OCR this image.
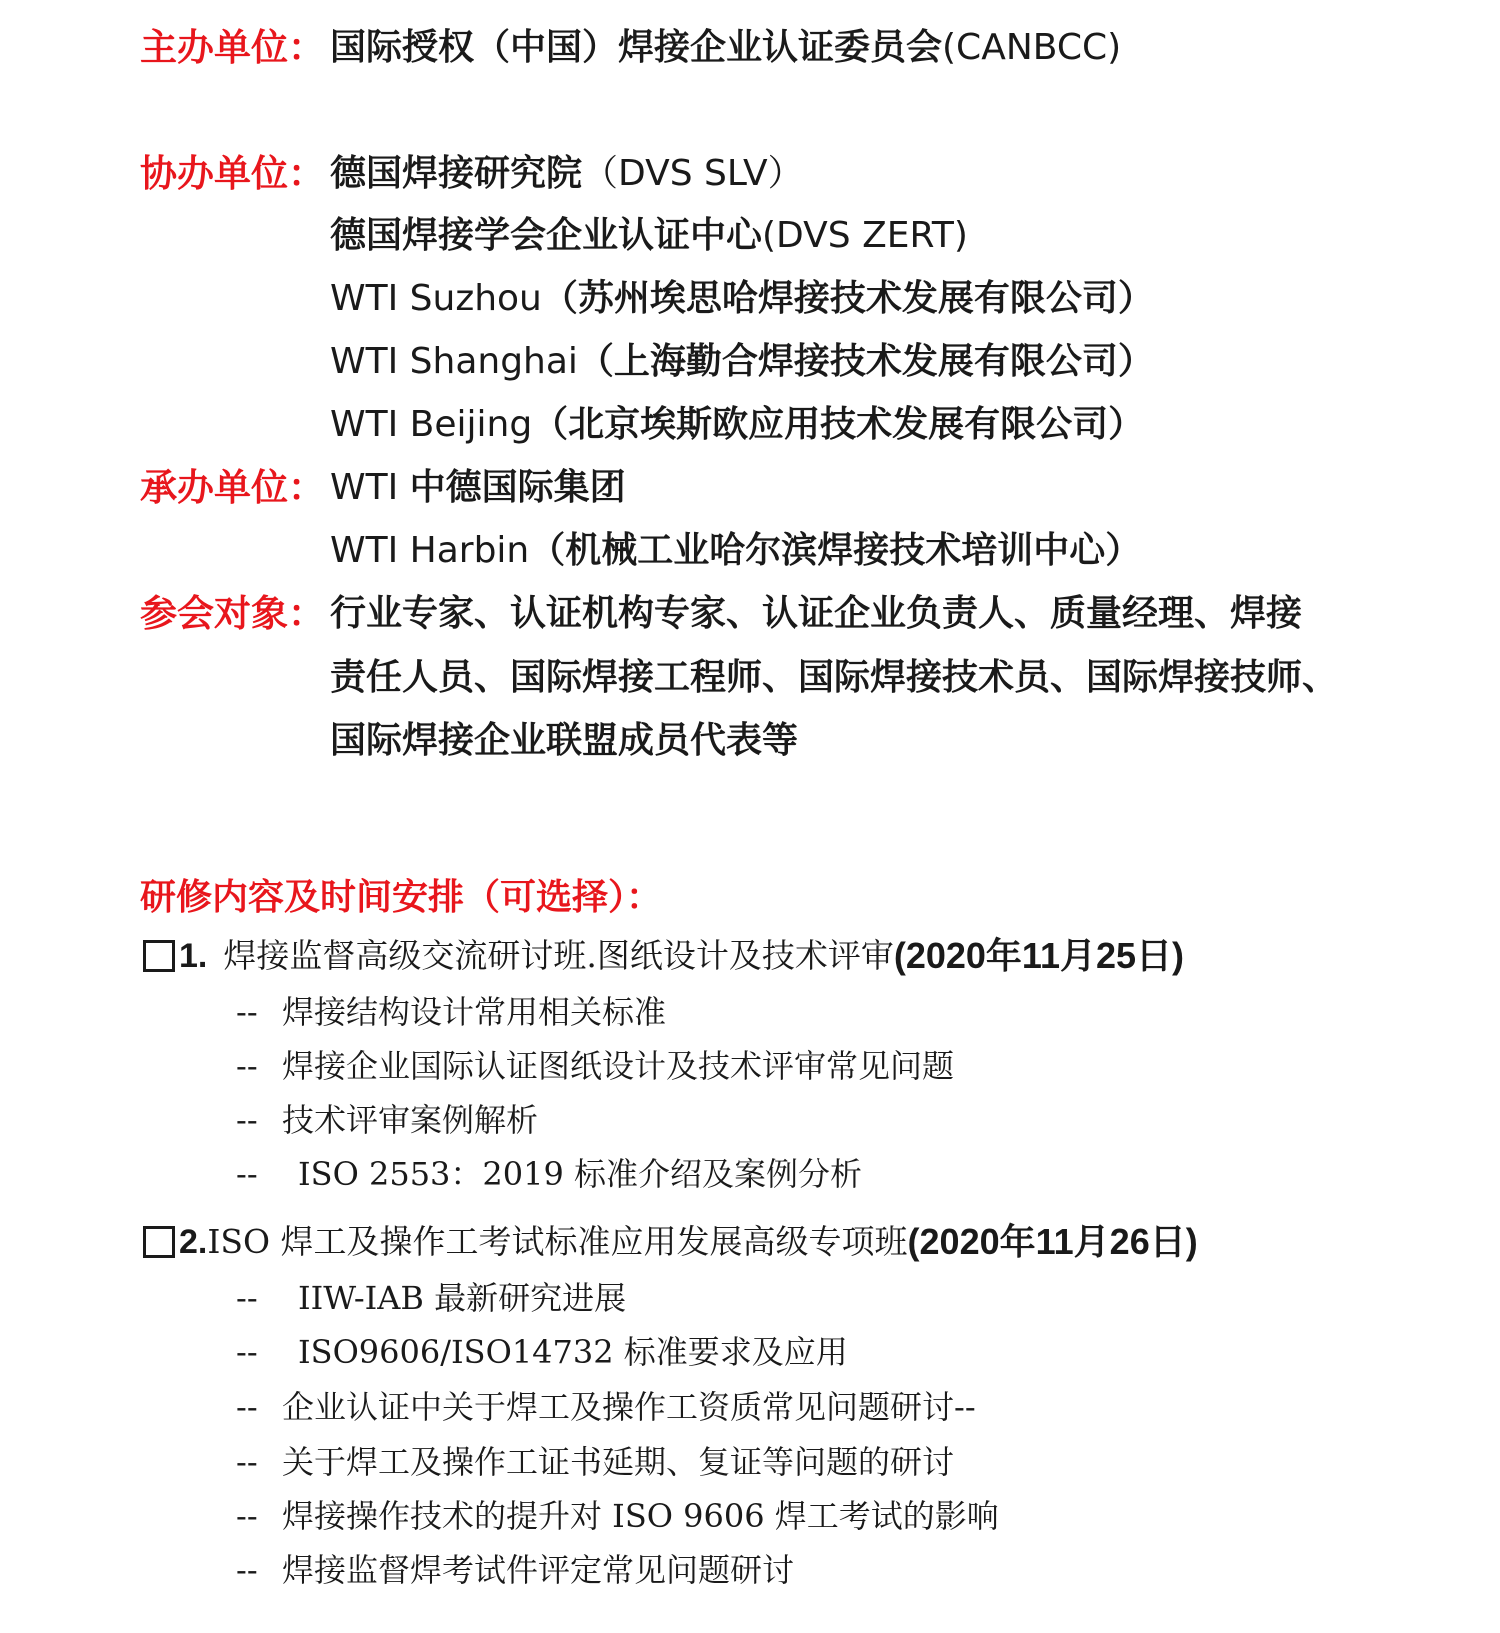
主办单位： 国际授权（中国）焊接企业认证委员会(CANBCC)
协办单位： 德国焊接研究院（DVS SLV）
德国焊接学会企业认证中心(DVS ZERT)
WTI Suzhou（苏州埃思哈焊接技术发展有限公司）
WTI Shanghai（上海勤合焊接技术发展有限公司）
WTI Beijing（北京埃斯欧应用技术发展有限公司）
承办单位： WTI 中德国际集团
WTI Harbin（机械工业哈尔滨焊接技术培训中心）
参会对象： 行业专家、认证机构专家、认证企业负责人、质量经理、焊接
责任人员、国际焊接工程师、国际焊接技术员、国际焊接技师、
国际焊接企业联盟成员代表等
研修内容及时间安排（可选择）：
1. 焊接监督高级交流研讨班.图纸设计及技术评审 (2020年11月25日)
-- 焊接结构设计常用相关标准
-- 焊接企业国际认证图纸设计及技术评审常见问题
-- 技术评审案例解析
-- ISO 2553：2019 标准介绍及案例分析
2. ISO 焊工及操作工考试标准应用发展高级专项班 (2020年11月26日)
-- IIW-IAB 最新研究进展
-- ISO9606/ISO14732 标准要求及应用
-- 企业认证中关于焊工及操作工资质常见问题研讨--
-- 关于焊工及操作工证书延期、复证等问题的研讨
-- 焊接操作技术的提升对 ISO 9606 焊工考试的影响
-- 焊接监督焊考试件评定常见问题研讨
